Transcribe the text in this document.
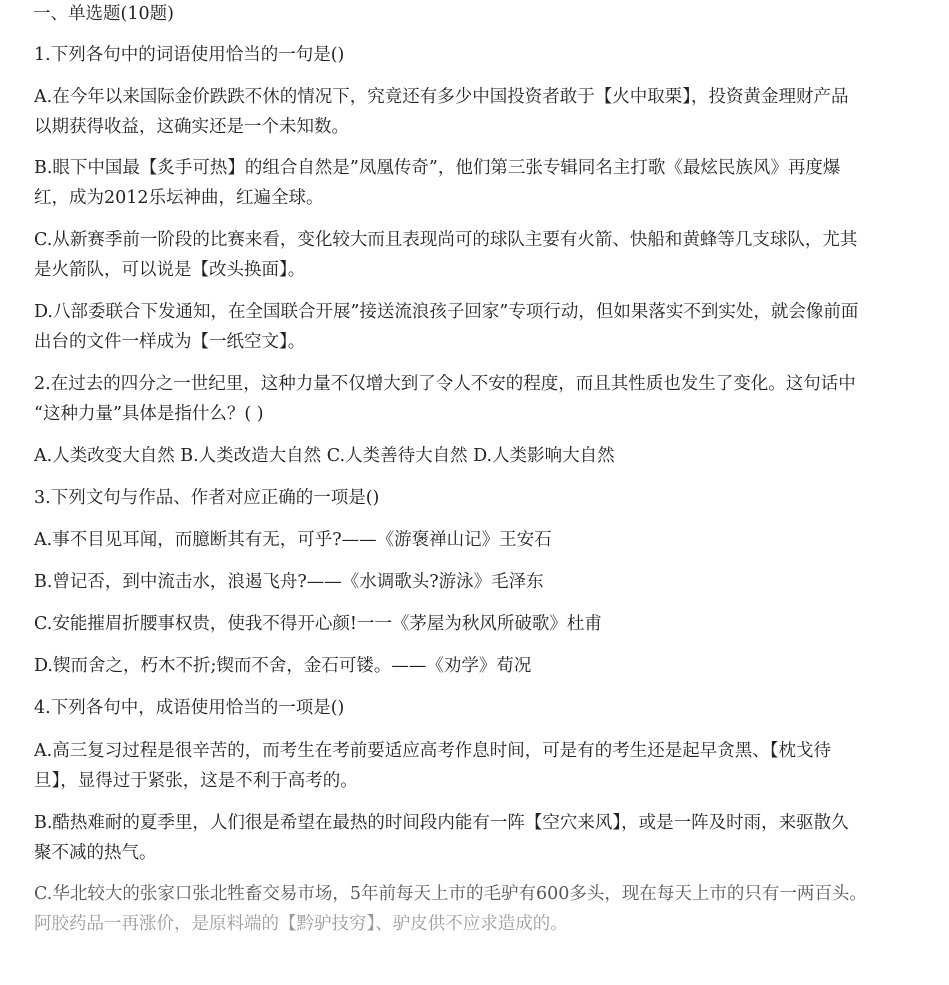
一、单选题(10题)
1.下列各句中的词语使用恰当的一句是()
A.在今年以来国际金价跌跌不休的情况下，究竟还有多少中国投资者敢于【火中取栗】，投资黄金理财产品
以期获得收益，这确实还是一个未知数。
B.眼下中国最【炙手可热】的组合自然是”凤凰传奇”，他们第三张专辑同名主打歌《最炫民族风》再度爆
红，成为2012乐坛神曲，红遍全球。
C.从新赛季前一阶段的比赛来看，变化较大而且表现尚可的球队主要有火箭、快船和黄蜂等几支球队，尤其
是火箭队，可以说是【改头换面】。
D.八部委联合下发通知，在全国联合开展”接送流浪孩子回家”专项行动，但如果落实不到实处，就会像前面
出台的文件一样成为【一纸空文】。
2.在过去的四分之一世纪里，这种力量不仅增大到了令人不安的程度，而且其性质也发生了变化。这句话中
“这种力量”具体是指什么？( )
A.人类改变大自然 B.人类改造大自然 C.人类善待大自然 D.人类影响大自然
3.下列文句与作品、作者对应正确的一项是()
A.事不目见耳闻，而臆断其有无，可乎?——《游褒禅山记》王安石
B.曾记否，到中流击水，浪遏飞舟?——《水调歌头?游泳》毛泽东
C.安能摧眉折腰事权贵，使我不得开心颜!一一《茅屋为秋风所破歌》杜甫
D.锲而舍之，朽木不折;锲而不舍，金石可镂。——《劝学》荀况
4.下列各句中，成语使用恰当的一项是()
A.高三复习过程是很辛苦的，而考生在考前要适应高考作息时间，可是有的考生还是起早贪黑、【枕戈待
旦】，显得过于紧张，这是不利于高考的。
B.酷热难耐的夏季里，人们很是希望在最热的时间段内能有一阵【空穴来风】，或是一阵及时雨，来驱散久
聚不减的热气。
C.华北较大的张家口张北牲畜交易市场，5年前每天上市的毛驴有600多头，现在每天上市的只有一两百头。
阿胶药品一再涨价，是原料端的【黔驴技穷】、驴皮供不应求造成的。
